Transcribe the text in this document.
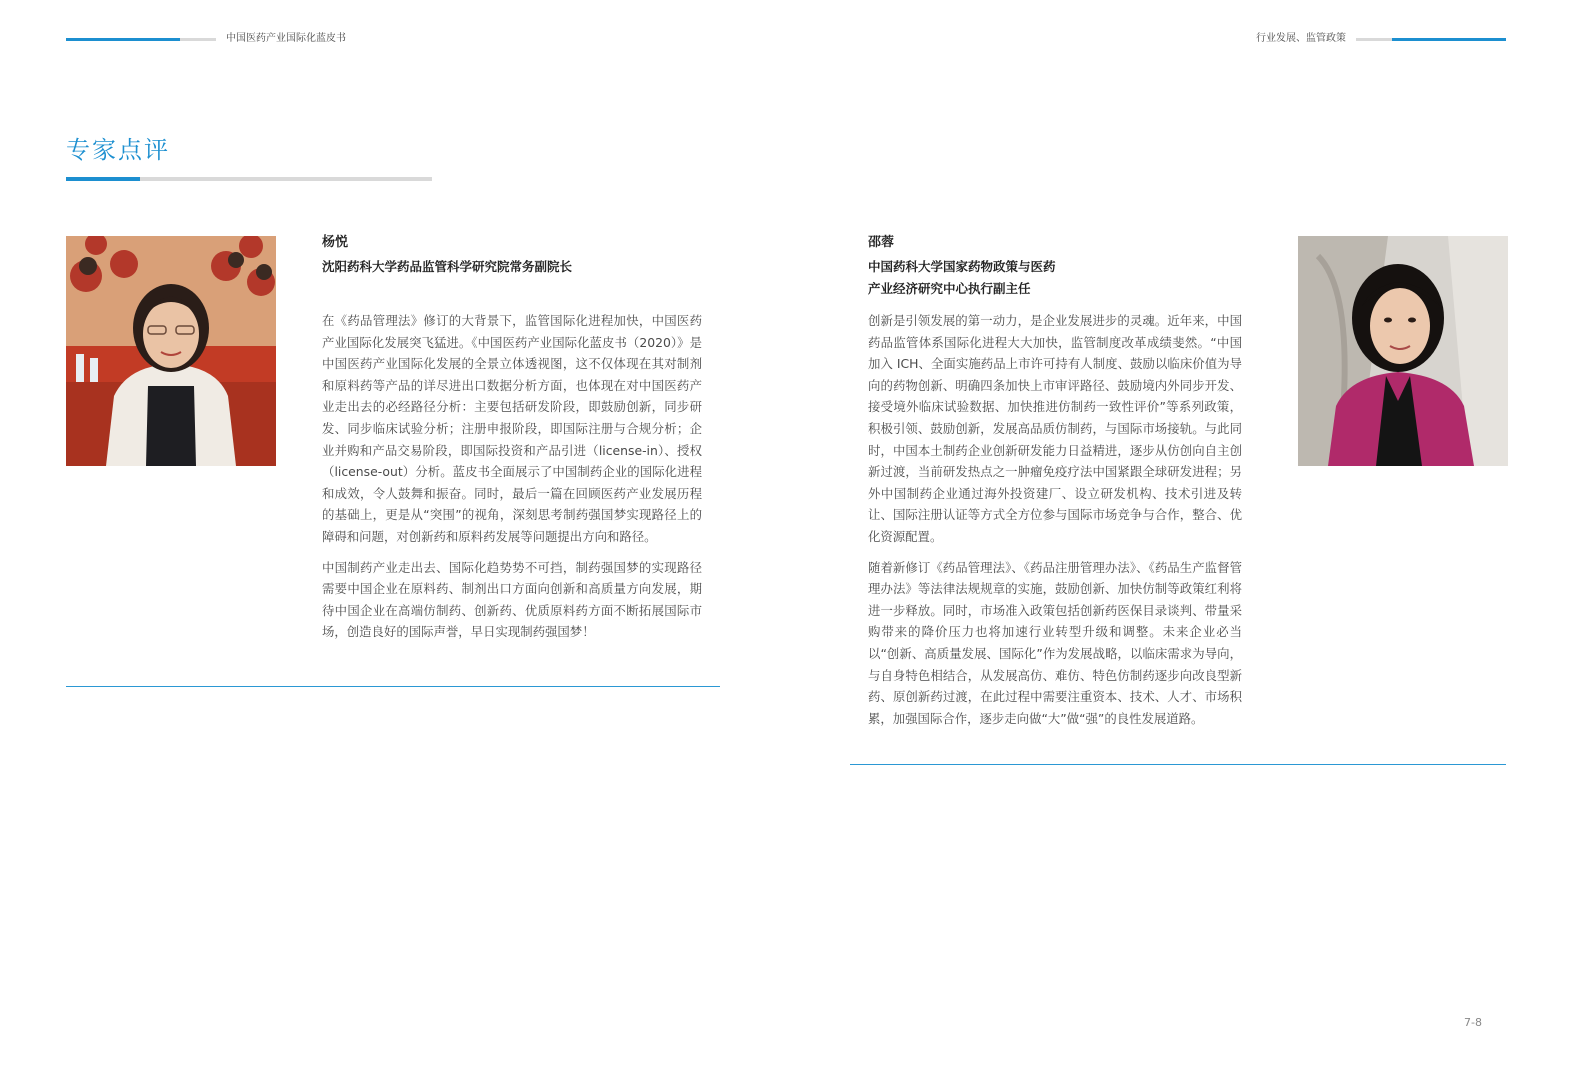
中国医药产业国际化蓝皮书	行业发展、监管政策
专家点评
杨悦
沈阳药科大学药品监管科学研究院常务副院长

在《药品管理法》修订的大背景下，监管国际化进程加快，中国医药产业国际化发展突飞猛进。《中国医药产业国际化蓝皮书（2020）》是中国医药产业国际化发展的全景立体透视图，这不仅体现在其对制剂和原料药等产品的详尽进出口数据分析方面，也体现在对中国医药产业走出去的必经路径分析：主要包括研发阶段，即鼓励创新，同步研发、同步临床试验分析；注册申报阶段，即国际注册与合规分析；企业并购和产品交易阶段，即国际投资和产品引进（license-in）、授权（license-out）分析。蓝皮书全面展示了中国制药企业的国际化进程和成效，令人鼓舞和振奋。同时，最后一篇在回顾医药产业发展历程的基础上，更是从“突围”的视角，深刻思考制药强国梦实现路径上的障碍和问题，对创新药和原料药发展等问题提出方向和路径。

中国制药产业走出去、国际化趋势势不可挡，制药强国梦的实现路径需要中国企业在原料药、制剂出口方面向创新和高质量方向发展，期待中国企业在高端仿制药、创新药、优质原料药方面不断拓展国际市场，创造良好的国际声誉，早日实现制药强国梦！

邵蓉
中国药科大学国家药物政策与医药
产业经济研究中心执行副主任

创新是引领发展的第一动力，是企业发展进步的灵魂。近年来，中国药品监管体系国际化进程大大加快，监管制度改革成绩斐然。“中国加入 ICH、全面实施药品上市许可持有人制度、鼓励以临床价值为导向的药物创新、明确四条加快上市审评路径、鼓励境内外同步开发、接受境外临床试验数据、加快推进仿制药一致性评价”等系列政策，积极引领、鼓励创新，发展高品质仿制药，与国际市场接轨。与此同时，中国本土制药企业创新研发能力日益精进，逐步从仿创向自主创新过渡，当前研发热点之一肿瘤免疫疗法中国紧跟全球研发进程；另外中国制药企业通过海外投资建厂、设立研发机构、技术引进及转让、国际注册认证等方式全方位参与国际市场竞争与合作，整合、优化资源配置。

随着新修订《药品管理法》、《药品注册管理办法》、《药品生产监督管理办法》等法律法规规章的实施，鼓励创新、加快仿制等政策红利将进一步释放。同时，市场准入政策包括创新药医保目录谈判、带量采购带来的降价压力也将加速行业转型升级和调整。未来企业必当以“创新、高质量发展、国际化”作为发展战略，以临床需求为导向，与自身特色相结合，从发展高仿、难仿、特色仿制药逐步向改良型新药、原创新药过渡，在此过程中需要注重资本、技术、人才、市场积累，加强国际合作，逐步走向做“大”做“强”的良性发展道路。

7-8
